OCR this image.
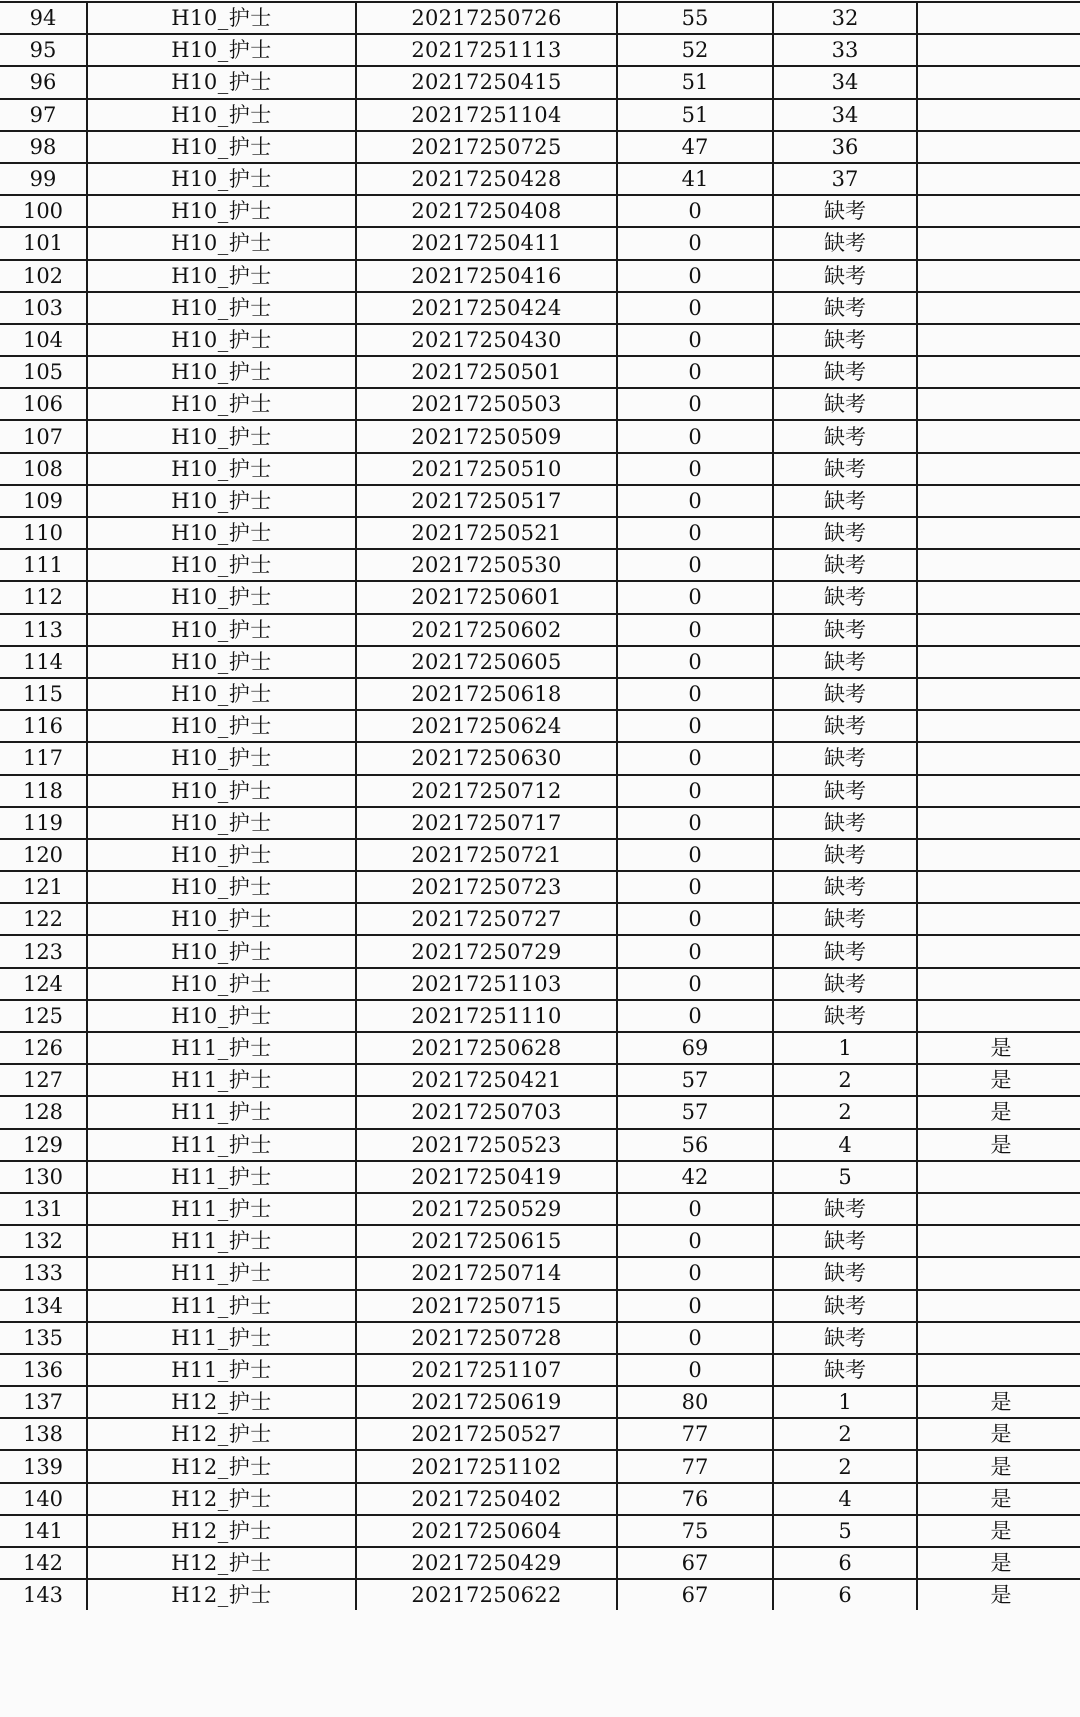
94	H10_护士	20217250726	55	32	
95	H10_护士	20217251113	52	33	
96	H10_护士	20217250415	51	34	
97	H10_护士	20217251104	51	34	
98	H10_护士	20217250725	47	36	
99	H10_护士	20217250428	41	37	
100	H10_护士	20217250408	0	缺考	
101	H10_护士	20217250411	0	缺考	
102	H10_护士	20217250416	0	缺考	
103	H10_护士	20217250424	0	缺考	
104	H10_护士	20217250430	0	缺考	
105	H10_护士	20217250501	0	缺考	
106	H10_护士	20217250503	0	缺考	
107	H10_护士	20217250509	0	缺考	
108	H10_护士	20217250510	0	缺考	
109	H10_护士	20217250517	0	缺考	
110	H10_护士	20217250521	0	缺考	
111	H10_护士	20217250530	0	缺考	
112	H10_护士	20217250601	0	缺考	
113	H10_护士	20217250602	0	缺考	
114	H10_护士	20217250605	0	缺考	
115	H10_护士	20217250618	0	缺考	
116	H10_护士	20217250624	0	缺考	
117	H10_护士	20217250630	0	缺考	
118	H10_护士	20217250712	0	缺考	
119	H10_护士	20217250717	0	缺考	
120	H10_护士	20217250721	0	缺考	
121	H10_护士	20217250723	0	缺考	
122	H10_护士	20217250727	0	缺考	
123	H10_护士	20217250729	0	缺考	
124	H10_护士	20217251103	0	缺考	
125	H10_护士	20217251110	0	缺考	
126	H11_护士	20217250628	69	1	是
127	H11_护士	20217250421	57	2	是
128	H11_护士	20217250703	57	2	是
129	H11_护士	20217250523	56	4	是
130	H11_护士	20217250419	42	5	
131	H11_护士	20217250529	0	缺考	
132	H11_护士	20217250615	0	缺考	
133	H11_护士	20217250714	0	缺考	
134	H11_护士	20217250715	0	缺考	
135	H11_护士	20217250728	0	缺考	
136	H11_护士	20217251107	0	缺考	
137	H12_护士	20217250619	80	1	是
138	H12_护士	20217250527	77	2	是
139	H12_护士	20217251102	77	2	是
140	H12_护士	20217250402	76	4	是
141	H12_护士	20217250604	75	5	是
142	H12_护士	20217250429	67	6	是
143	H12_护士	20217250622	67	6	是
